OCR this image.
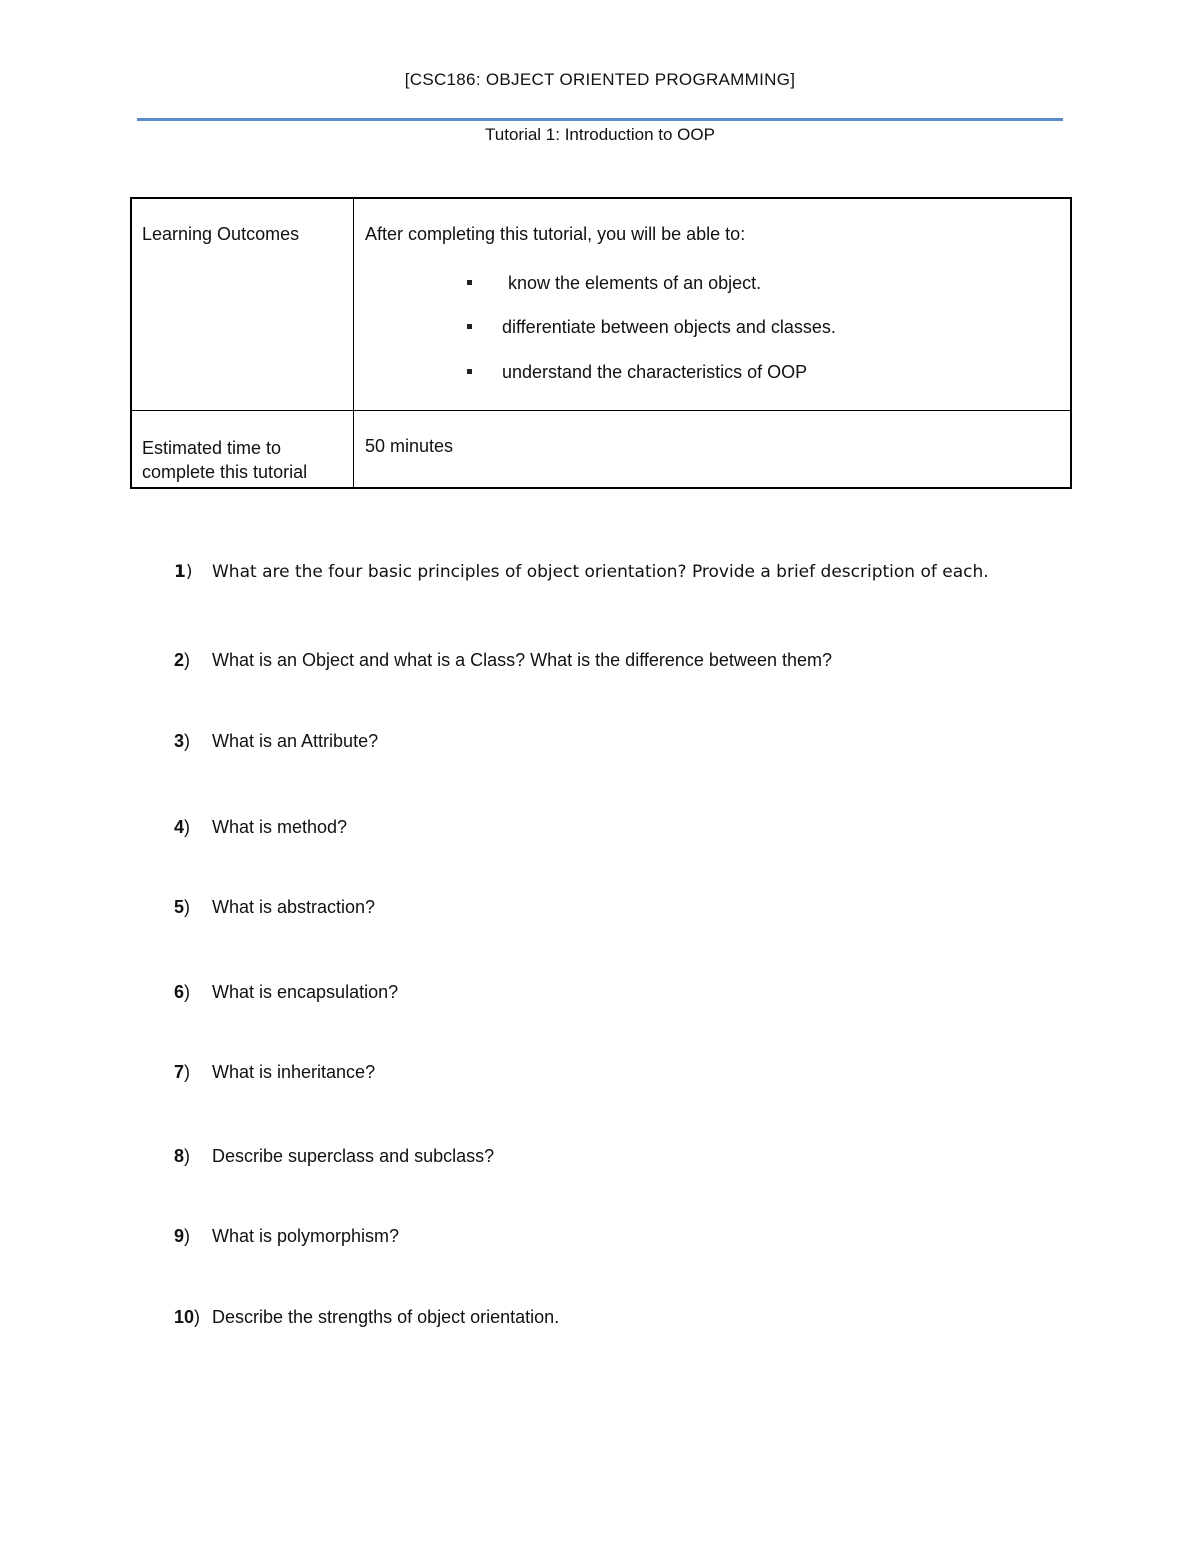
[CSC186: OBJECT ORIENTED PROGRAMMING]
Tutorial 1: Introduction to OOP
Learning Outcomes	After completing this tutorial, you will be able to:
know the elements of an object.
differentiate between objects and classes.
understand the characteristics of OOP
Estimated time to complete this tutorial
50 minutes
1) What are the four basic principles of object orientation? Provide a brief description of each.
2) What is an Object and what is a Class? What is the difference between them?
3) What is an Attribute?
4) What is method?
5) What is abstraction?
6) What is encapsulation?
7) What is inheritance?
8) Describe superclass and subclass?
9) What is polymorphism?
10) Describe the strengths of object orientation.
